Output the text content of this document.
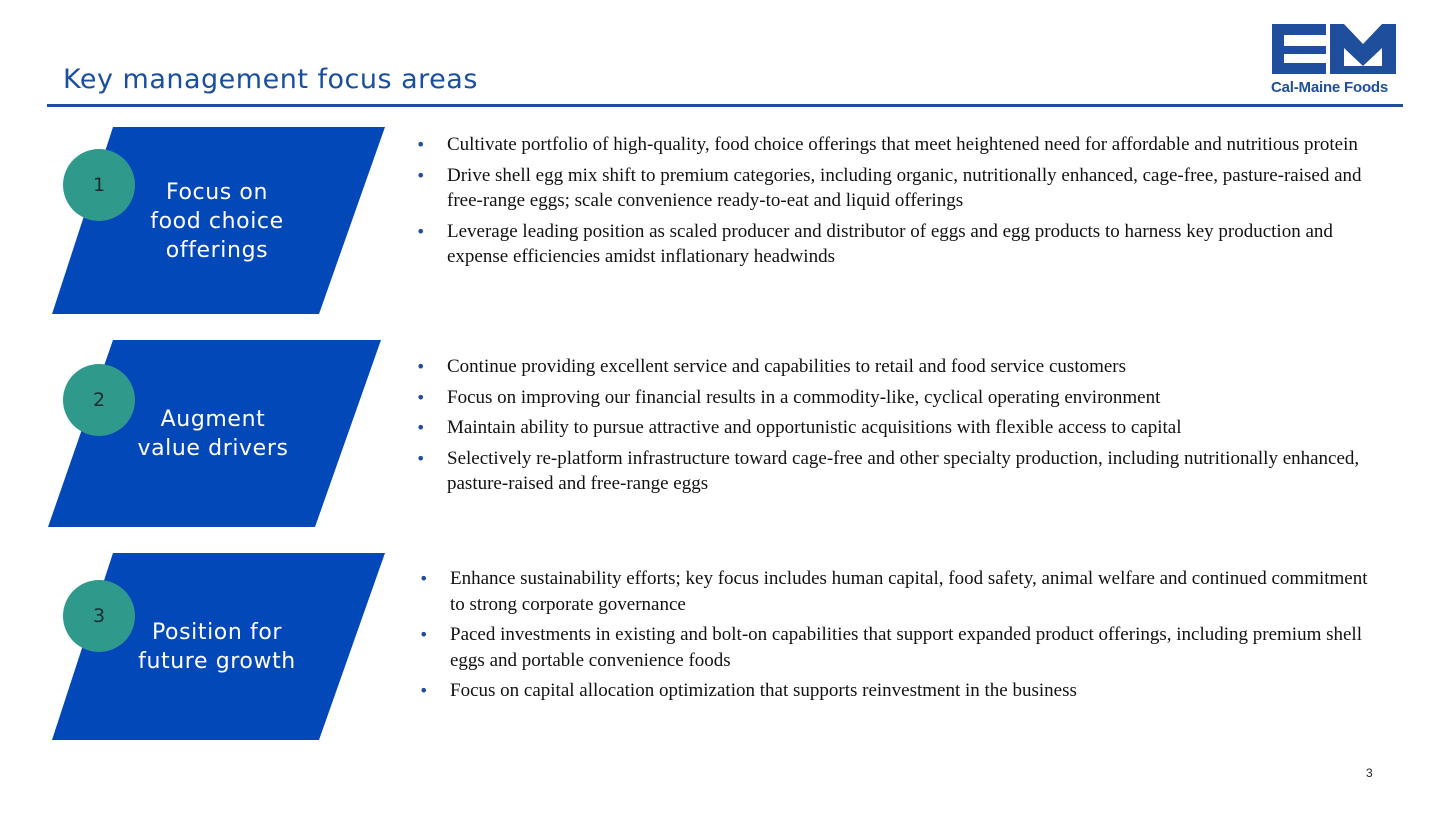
Key management focus areas	Cal-Maine Foods
1	Focus on
food choice
offerings
• Cultivate portfolio of high-quality, food choice offerings that meet heightened need for affordable and nutritious protein
• Drive shell egg mix shift to premium categories, including organic, nutritionally enhanced, cage-free, pasture-raised and free-range eggs; scale convenience ready-to-eat and liquid offerings
• Leverage leading position as scaled producer and distributor of eggs and egg products to harness key production and expense efficiencies amidst inflationary headwinds
2
Augment
value drivers
• Continue providing excellent service and capabilities to retail and food service customers
• Focus on improving our financial results in a commodity-like, cyclical operating environment
• Maintain ability to pursue attractive and opportunistic acquisitions with flexible access to capital
• Selectively re-platform infrastructure toward cage-free and other specialty production, including nutritionally enhanced, pasture-raised and free-range eggs
3
Position for
future growth
• Enhance sustainability efforts; key focus includes human capital, food safety, animal welfare and continued commitment to strong corporate governance
• Paced investments in existing and bolt-on capabilities that support expanded product offerings, including premium shell eggs and portable convenience foods
• Focus on capital allocation optimization that supports reinvestment in the business
3
